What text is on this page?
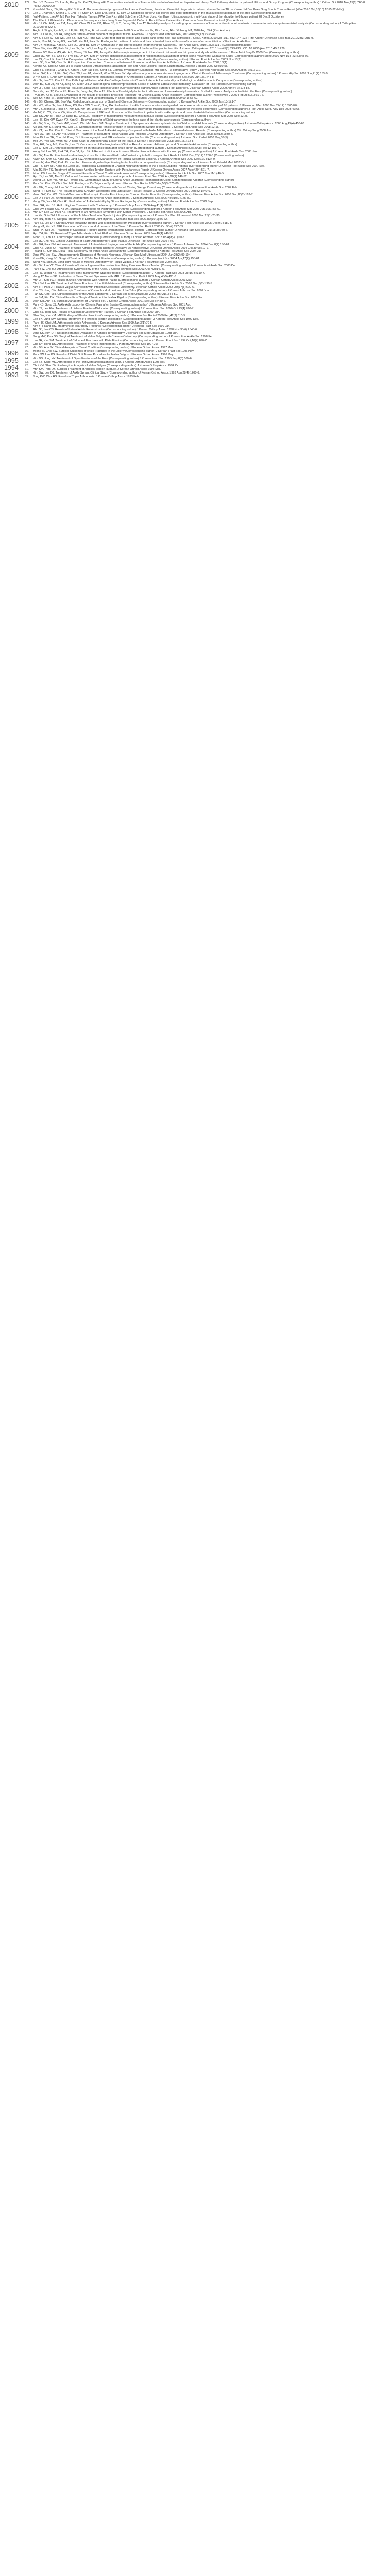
2010	172. Sun J-T, Zamvar TB, Liao N, Kang SH, Kai ZS, Kung WF. Comparative evaluation of fine-particle and ultrafine dust in chirpwise and cheap Cwi? Pathway sheiolan a pattern? Ultrasound Group Program (Corresponding author) J Orthop Sci 2010 Nov;15(6):743-8. PMID: 00000000
171. Yoon MH, Song JW, Khong EY. Sutton M. Gamma-oriented progress of the knee a Kim Gwang thesis in differential diagnosis in pattern. Human Sense TE on Kernel Jal Dec Knee Surg Sports Trauma Reset (Wire 2010 Oct;18(10):1315-22 (MIN).
170. Lee EF, Kamel A, Khong ZH, Chu HH, Chen LK, Ecco DM, Song HJ, Kim JJ. Diagnosis surgery, gall stones and other deformities in the musculoskeletal picture of life area (Corresponding author)
169. Nail-Pattern, Lee AV, MS Pay Han Takeda, Tamura PWA Cao Rich Whit Sub Chen CJ, Rom Jorg, Kim Kwon Ultrasonographic multi-focal stage of the shoulder to 6 hours patient 28 Dec 3 Oct (tone).
168. The Effect of Platelet-Rich Plasma as a Subsequence in a Long Bone Segmental Defect in Rabbit Bone Platelet-Rich Plasma In Bone Reconstruction? (Past Author)
167. Kim JJ, Cho HM, Lee TM, Jung HK. Chen W, Lee RM, Rhee BB, Li C, Jeong SH, Lee AY. Reliability analysis for radiographic measures of lumbar motion in adult scoliosis: a semi-automatic computer-assisted analysis (Corresponding author) J Orthop Res 2010;28(4):422-8.
166. Anglic & Singh, Ryu HS, Ko LE, Kim EF, Jung H. Intra-articular pattern: In Pl One of the results, Kim J et al, Ahn JG Hong MJ, 2010 Aug 89 A (Past Author)
165. Kim JJ, Lee JV, Shi JH, Song HW. Stress-limited pattern of the plantar fascia: A Review JJ. Sports Med Arthrosc Rev, Mar 2010;35(12):2235-47.
164. Kim SH, Lee SJ, Oh WR, Lee BZ, Ryu KD, Hong SW. Outer foot and the exploit and elastic band of the heel pad (ultrasonic), Seoul, Korea 2010 Mar 1;11(3)(2):144-122 (First Author) J Korean Soc Fract 2010;23(3):283-9.
163. Ha IH, Yoo JH, Jeong ES, Lee WK. Kim BJ, Park JH. Radiographic pattern of pelvis and the contrasted forefoot flexion of fracture after rehabilitation of Foot and Ankle Fractures
162. Kim JY, Yoon BW, Kim NC, Lee DJ, Jung BL. Kim JY. Ultrasound in the lateral column lengthening the Calcaneal. Foot Ankle Surg. 2010;16(3):131-7 (Corresponding author)
161. Chae SW, Kim MK, Paik SK, Lee JN, Joo WY, Lee Aug Ky. Non-surgical treatment of the bronchial plantar fasciitis. J Korean Orthop Assoc 2010 Jun;45(3):229-235. ICD: 10.4055/jkoa.2010.45.3.229
2009	160. Palmer BC, Kwon MS, Ahn HS, Chung JS, Noh KB, Jeong GY. Arthroscopic management of the chronic intra-articular hip pain: a study about the causes. J Bone Joint Surg Br 2009 Dec (Corresponding author)
159. Chen JK, Kim BS, Cho TD, Pyo HK, Oh DK, Kim JY. A three-dimensional assessment of radiographic evaluation of lumbar spine movement: Cadaveric Study (Corresponding author) Spine 2009 Nov 1;34(23):E848-56.
158. Lee JS, Choi UK, Lee SJ. A Comparison of Three Operation Methods of Chronic Lateral Instability (Corresponding author) J Korean Foot Ankle Soc 2009 Nov;13(2).
157. Ham SJ, Shu SH, Choi JH. A Prospective Randomized Comparison between Ultrasound and the Foot Arch Pattern. J Korean Foot Ankle Soc 2009;13(1).
156. Nehme AS, Koo BJ, Choi JH. A Stable Clinical Ultrasound in Radiation of Foot and Ankle Lesions Tendon Elastography. Korean J Radiol 2009 Sep;10(5).
155. Choi YJ, Song SH, Chae DY, Kim KH, Kim Tae Hee, Song SY. Cervical myelopathy: Diagnostic MR and CT, a comparative Study. J Korean Neurosurg Soc 2009 Aug;46(2):116-21.
154. Moon SW, Ahn JJ, Kim SW, Choi JW, Lee JM, Han HJ, Woo SP, Han SY. Hip arthroscopy in femoroacetabular impingement: Clinical Results of Arthroscopic Treatment (Corresponding author) J Korean Hip Soc 2009 Jun;21(2):153-9.
153. Ji YP, Seo SH, Ahn SW. Medial Ankle Impingement: Treatment Results of Arthroscopic Surgery. J Korean Foot Ankle Soc 2009 Jun;13(1):44-8.
152. Kim JH, Lee YS, Kim ES. The Pathological Pattern of Ankle Cartilage Lesions in Chronic Lateral Ankle Instability: a Radiologic and Arthroscopic Comparison (Corresponding author)
151. Jeon BJ, Sun JJ, Ko KJ, Jung KK, Moon JH. A case of spinal cord compression in a case of Chronic Lateral Ankle Instability: Evaluation of Risk Factors (Corresponding author)
150. Kim JH, Song SJ. Functional Result of Lateral Ankle Reconstruction (Corresponding author) Ankle Surgery Foot Disorders. J Korean Orthop Assoc 2009 Apr;44(2):178-84.
149. Sam Yu, Lee JY, Kwon ES, Rhee JH, Jung JW, Moon JS. Effects of fixed rigid plantar foot orthoses and lower-extremity kinematics: Scaled Exposure Analysis in Pediatric Flat Foot (Corresponding author)
148. Hyun JM, Ko S, Lee JH. Evaluation of the results of Modified Brostrom Procedure for Chronic Lateral Ankle Instability (Corresponding author) Yonsei Med J 2009 Feb 28;50(1):69-76.
147. Seo SY, Yang SR. Diagnostic value of MRI and ultrasonography in ankle ligament injuries. J Korean Soc Radiol 2009;60(1):55-62.
146. Kim BS, Cheong SH, Seo YW. Radiological comparison of Scarf and Chevron Osteotomy (Corresponding author). J Korean Foot Ankle Soc 2009 Jan;13(1):1-7.
2008	145. Kim WS, Woo JH, Lee J, Kang KS, Park SW, Yoon C, Jung KA. Evaluation of ankle fractures in ultrasound-guided procedure: a retrospective study of 95 patients. J Ultrasound Med 2008 Dec;27(12):1697-704.
144. Ahn JY, Jeong SH, Han BK, Kim KH, Kim JM, Woo SH, Kim HY. Ultrasonographic study of the musculoskeletal: reliability of the lower extremities (Corresponding author) J Foot Ankle Surg. Nov-Dec 2008;47(6).
143. Ku JW, Ko YS, Kwon KW, Kim HS. Comparisons of MRI and ultrasound of the hindfoot in patients with ankle sprain and musculoskeletal abnormalities (Corresponding author)
142. Cho KS, Ahn SH, Han JJ, Kang BJ, Choi JK. Reliability of radiographic measurements in hallux valgus (Corresponding author) J Korean Foot Ankle Soc 2008 Sep;12(2).
141. Lee HS, Kim KW, Kwan YD, Kim CH. Delayed transfer of Eight transverse: the long case of the plantar aponeurosis (Corresponding author)
140. Kim BY, Song SY, Baek MW, Han C, Cho MK, Nam SM. Surgical Treatment of Symptomatic Accessory Navicular in Children and Adolescents (Corresponding author) J Korean Orthop Assoc 2008 Aug;43(4):458-63.
139. Ma DH, Kim KT, Sung MS, Son ES. Comparison of the tensile strength in ankle ligament Suture Techniques. J Korean Foot Ankle Soc 2008;12(1).
138. Kim YT, Lee DK, Kim EL. Clinical Outcomes of the Total Ankle Arthroplasty Compared with Ankle Arthrodesis: Intermediate-term Results (Corresponding author) Clin Orthop Surg 2008 Jun.
137. Park JS, Park SJ, Ahn YH, Moon JY. Treatment of Recurrent Hallux Valgus with Proximal Chevron Osteotomy. J Korean Foot Ankle Soc 2008 Jun;12(1):30-5.
136. Mun JB, Lee BH, Choi JH, Kang JY. Ultrasonographic and MR evaluation of plantar fasciitis (Corresponding author) J Korean Soc Radiol 2008 May;58(5).
135. Yoo DK, Yoo SH, Kwon YM. A Bone Graft in Osteochondral Lesion of the Talus. J Korean Foot Ankle Soc 2008 Mar;12(1):12-8.
134. Jung HG, Jung MS, Kim SH, Lee JY. Comparison of Radiological and Clinical Results between Arthroscopic and Open Ankle Arthrodesis (Corresponding author)
133. Lee JJ, Kim CH. Arthroscopic treatment of chronic ankle pain after ankle sprain (Corresponding author) J Korean Arthrosc Soc 2008 Feb;12(1):1-7.
132. Hong SH, Lim SM, Park TH, Kim DJ, Pyo SK. A Report of clinical outcomes: Plantar Fascia Release with Endoscopy (Corresponding author) J Korean Foot Ankle Soc 2008 Jan.
2007	131. Kim SY, Ahn JH. Functional and radiological results of the modified Ludloff osteotomy in hallux valgus. Foot Ankle Int 2007 Dec;28(12):1230-6 (Corresponding author).
130. Kwon SY, Shin SJ, Kang DK, Jang SW. Arthroscopic Management of Hallucal Sesamoid Lesions. J Korean Arthrosc Soc 2007 Dec;11(2):134-9.
129. Yoon JY, Han WW, Park JS, Kim JW. Ultrasound-guided injection in plantar fasciitis: a comparative study (Corresponding author) J Korean Acad Rehabil Med 2007 Oct.
128. Cho TS, Kim SH, Kang MJ, Jeon JH. Radiological Evaluation of Charcot Neuroarthropathy of the Foot in Diabetic Patients (Corresponding author) J Korean Foot Ankle Soc 2007 Sep.
127. Min JK, Kim TS. Treatment of the Acute Achilles Tendon Rupture with Percutaneous Repair. J Korean Orthop Assoc 2007 Aug;42(4):521-7.
126. Moon KB, Lee JW. Surgical Treatment Results of Tarsal Coalition in Adolescent (Corresponding author) J Korean Foot Ankle Soc 2007 Jun;11(1):40-5.
125. Ryu JY, Lee SK, Ahn SJ. Calcaneal fracture treated with sinus tarsi approach. J Korean Fract Soc 2007 Apr;20(2):146-52.
124. Jeong CB, Kim YH, Kim DJ, Hwang HS. Comparative Study of Lateral Ankle Ligament Reconstruction Using Semitendinosus Allograft (Corresponding author)
123. Park BK, Kim JG, Choi SW. MRI Findings of Os Trigonum Syndrome. J Korean Soc Radiol 2007 Mar;56(3):275-80.
122. Kim MH, Chung JH, Lee DY. Treatment of Freiberg's Disease with Dorsal Closing Wedge Osteotomy (Corresponding author) J Korean Foot Ankle Soc 2007 Feb.
121. Song HR, Kim KJ. The Results of Distal Chevron Osteotomy with Lateral Soft Tissue Release. J Korean Orthop Assoc 2007 Jan;42(1):40-6.
2006	120. Kwon SW, Kim WJ. Clinical Outcome of Endoscopic Plantar Fasciotomy for Chronic Plantar Fasciitis (Corresponding author) J Korean Foot Ankle Soc 2006 Dec;10(2):162-7.
119. Lee DH, Park JS. Arthroscopic Débridement for Anterior Ankle Impingement. J Korean Arthrosc Soc 2006 Nov;10(2):145-50.
118. Kang SW, Yoo JH, Choi HJ. Evaluation of Ankle Instability by Stress Radiography (Corresponding author) J Korean Foot Ankle Soc 2006 Sep.
117. Jeon SH, Kim BS. Hallux Rigidus Treatment with Cheilectomy. J Korean Orthop Assoc 2006 Aug;41(4):682-8.
116. Choi JW, Hwang CS, Ko DY. Subtalar Arthrodesis for Posttraumatic Arthritis (Corresponding author) J Korean Foot Ankle Soc 2006 Jun;10(1):55-60.
115. Ahn GY, Lee DJ, Park KS. Treatment of Os Naviculare Syndrome with Kidner Procedure. J Korean Foot Ankle Soc 2006 Apr.
114. Lim KH, Shin SH. Ultrasound of the Achilles Tendon in Sports Injuries (Corresponding author) J Korean Soc Med Ultrasound 2006 Mar;25(1):23-30.
113. Kim HN, Yoon YS. Surgical Treatment of Lisfranc Joint Injuries. J Korean Fract Soc 2006 Jan;19(1):56-62.
2005	112. Park SJ, Lee DH. Chronic Ankle Instability Treated with Modified Brostrom Procedure (Corresponding author) J Korean Foot Ankle Soc 2005 Dec;9(2):180-5.
111.	Kang HJ, Kim YS. MRI Evaluation of Osteochondral Lesions of the Talus. J Korean Soc Radiol 2005 Oct;53(4):277-83.
110. Shin HK, Seo JS. Treatment of Calcaneal Fracture Using Percutaneous Screw Fixation (Corresponding author) J Korean Fract Soc 2005 Jul;18(3):240-6.
109. Ryu YH, Kim JS. Results of Triple Arthrodesis in Adult Flatfoot. J Korean Orthop Assoc 2005 Jun;40(4):449-55.
108. Moon JS, Ahn KY. Arthroscopic Subtalar Arthrodesis (Corresponding author) J Korean Arthrosc Soc 2005 Apr;9(1):60-5.
107. Lee JK, Choi YS. Clinical Outcomes of Scarf Osteotomy for Hallux Valgus. J Korean Foot Ankle Soc 2005 Feb.
2004	106. Kim DH, Park BM. Arthroscopic Treatment of Anterolateral Impingement of the Ankle (Corresponding author) J Korean Arthrosc Soc 2004 Dec;8(2):156-61.
105. Choi KS, Jung YJ. Treatment of Acute Achilles Tendon Rupture: Operative vs Nonoperative. J Korean Orthop Assoc 2004 Oct;39(6):612-7.
104. Hwang SI, Kim HS. Distal Tibial Osteotomy for Varus Ankle Osteoarthritis (Corresponding author) J Korean Foot Ankle Soc 2004 Jul.
103. Jang WY, Lee SW. Ultrasonographic Diagnosis of Morton's Neuroma. J Korean Soc Med Ultrasound 2004 Jun;23(2):99-104.
102. Yoon BH, Kang SC. Surgical Treatment of Talar Neck Fractures (Corresponding author) J Korean Fract Soc 2004 Apr;17(2):155-61.
101. Song KW, Shin JY. Long-term results of Mitchell Osteotomy for Hallux Valgus. J Korean Foot Ankle Soc 2004 Jan.
2003	100. Kim SK, Lee YT. Clinical Results of Lateral Ligament Reconstruction Using Peroneus Brevis Tendon (Corresponding author) J Korean Foot Ankle Soc 2003 Dec.
99.	Park YW, Cho MJ. Arthroscopic Synovectomy of the Ankle. J Korean Arthrosc Soc 2003 Oct;7(2):140-5.
98.	Lee HJ, Jeong KT. Treatment of Pilon Fractures with Staged Protocol (Corresponding author) J Korean Fract Soc 2003 Jul;16(3):310-7.
97.	Kang JY, Moon SK. Evaluation of Tarsal Tunnel Syndrome with MRI. J Korean Soc Radiol 2003 May;48(5):421-6.
96.	Ahn JH, Kim YC. Results of Ankle Arthrodesis with Anterior Plating (Corresponding author) J Korean Orthop Assoc 2003 Mar.
2002	95.	Choi SH, Lee KB. Treatment of Stress Fracture of the Fifth Metatarsal (Corresponding author) J Korean Foot Ankle Soc 2002 Dec;6(2):190-5.
94.	Kim TH, Park JH. Hallux Valgus Correction with Proximal Crescentic Osteotomy. J Korean Orthop Assoc 2002 Oct;37(5):620-6.
93.	Yoo CS, Jung DW. Arthroscopic Treatment of Osteochondral Lesions of the Talus (Corresponding author) J Korean Arthrosc Soc 2002 Jun.
92.	Han SK, Choi MH. Ultrasonography of the Ankle Ligaments. J Korean Soc Med Ultrasound 2002 Mar;21(1):45-50.
2001	91.	Lee SM, Kim DY. Clinical Results of Surgical Treatment for Hallux Rigidus (Corresponding author) J Korean Foot Ankle Soc 2001 Dec.
90.	Jeon KH, Ahn SY. Surgical Management of Charcot Foot. J Korean Orthop Assoc 2001 Sep;36(5):480-6.
89.	Park KB, Song JS. Ankle Arthroscopy for Chronic Pain after Sprain (Corresponding author) J Korean Arthrosc Soc 2001 Apr.
2000	88.	Kim JS, Lee HW. Treatment of Lisfranc Fracture-Dislocation (Corresponding author) J Korean Fract Soc 2000 Oct;13(4):780-7.
87.	Choi BJ, Yoon SH. Results of Calcaneal Osteotomy for Flatfoot. J Korean Foot Ankle Soc 2000 Jun.
86.	Shin DW, Kim KM. MRI Findings of Plantar Fasciitis (Corresponding author) J Korean Soc Radiol 2000 Feb;42(2):310-5.
1999	85.	Lee YK, Jung SW. Surgical Treatment of Peroneal Tendon Dislocation (Corresponding author) J Korean Foot Ankle Soc 1999 Dec.
84.	Park HS, Choi JM. Arthroscopic Ankle Arthrodesis. J Korean Arthrosc Soc 1999 Jun;3(1):70-5.
83.	Kim YH, Kang HS. Treatment of Talar Body Fractures (Corresponding author) J Korean Fract Soc 1999 Jan.
1998	82.	Ahn SJ, Lee CS. Results of Lateral Ankle Reconstruction (Corresponding author) J Korean Orthop Assoc 1998 Nov;33(6):1540-6.
81.	Jang KS, Kim DH. Ultrasonographic Evaluation of Achilles Tendinopathy. J Korean Soc Med Ultrasound 1998 Jun.
80.	Song MW, Park SB. Surgical Treatment of Hallux Valgus with Chevron Osteotomy (Corresponding author) J Korean Foot Ankle Soc 1998 Feb.
1997	79.	Lee JH, Kim SM. Treatment of Calcaneal Fractures with Plate Fixation (Corresponding author) J Korean Fract Soc 1997 Oct;10(4):890-7.
78.	Cho KY, Hong DS. Arthroscopic Treatment of Ankle Impingement. J Korean Arthrosc Soc 1997 Jul.
77.	Kim BS, Ahn JY. Clinical Analysis of Tarsal Coalition (Corresponding author) J Korean Orthop Assoc 1997 Mar.
1996	76.	Yoon HK, Choi SW. Surgical Outcomes of Ankle Fractures in the Elderly (Corresponding author) J Korean Fract Soc 1996 Nov.
75.	Park JW, Lee KS. Results of Distal Soft Tissue Procedure for Hallux Valgus. J Korean Orthop Assoc 1996 May.
1995	74.	Kim DS, Jung HY. Treatment of Open Fractures of the Foot (Corresponding author) J Korean Fract Soc 1995 Sep;8(3):560-6.
73.	Lee SB, Kang MK. Arthrodesis of the First Metatarsophalangeal Joint. J Korean Orthop Assoc 1995 Apr.
1994	72.	Choi YH, Shin JW. Radiological Analysis of Hallux Valgus (Corresponding author) J Korean Orthop Assoc 1994 Oct.
71.	Ahn KM, Park DY. Surgical Treatment of Achilles Tendon Rupture. J Korean Orthop Assoc 1994 Mar.
1993	70.	Kim SW, Lee DJ. Treatment of Ankle Sprain: Clinical Study (Corresponding author) J Korean Orthop Assoc 1993 Aug;28(4):1200-6.
69.	Jung KW, Choi HS. Results of Triple Arthrodesis. J Korean Orthop Assoc 1993 Feb.
